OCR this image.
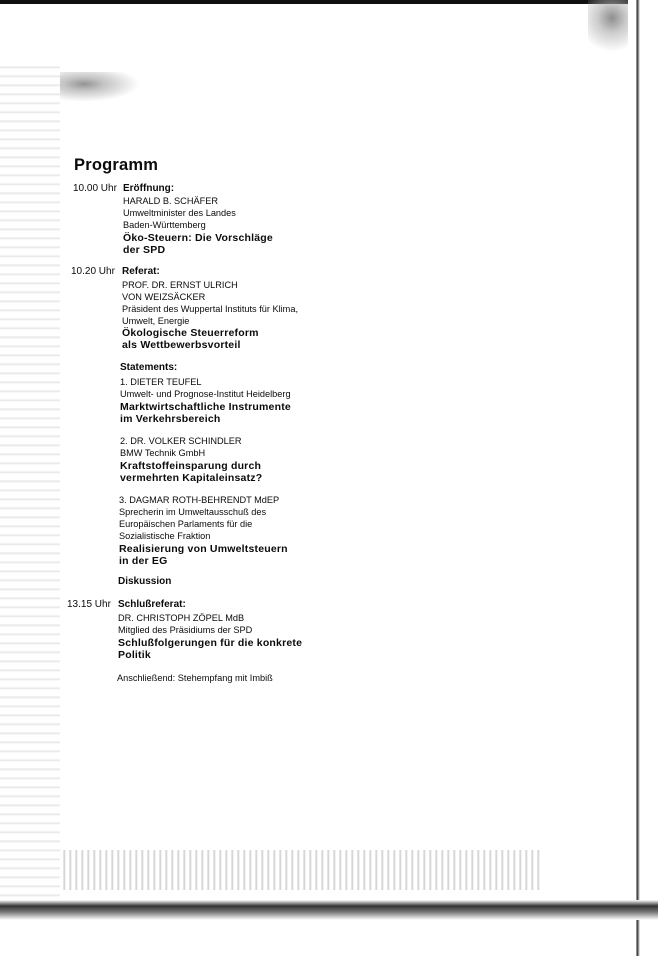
Programm
10.00 Uhr Eröffnung:
HARALD B. SCHÄFER
Umweltminister des Landes
Baden-Württemberg
Öko-Steuern: Die Vorschläge
der SPD
10.20 Uhr Referat:
PROF. DR. ERNST ULRICH
VON WEIZSÄCKER
Präsident des Wuppertal Instituts für Klima,
Umwelt, Energie
Ökologische Steuerreform
als Wettbewerbsvorteil
Statements:
1. DIETER TEUFEL
Umwelt- und Prognose-Institut Heidelberg
Marktwirtschaftliche Instrumente
im Verkehrsbereich
2. DR. VOLKER SCHINDLER
BMW Technik GmbH
Kraftstoffeinsparung durch
vermehrten Kapitaleinsatz?
3. DAGMAR ROTH-BEHRENDT MdEP
Sprecherin im Umweltausschuß des
Europäischen Parlaments für die
Sozialistische Fraktion
Realisierung von Umweltsteuern
in der EG
Diskussion
13.15 Uhr Schlußreferat:
DR. CHRISTOPH ZÖPEL MdB
Mitglied des Präsidiums der SPD
Schlußfolgerungen für die konkrete
Politik
Anschließend: Stehempfang mit Imbiß
